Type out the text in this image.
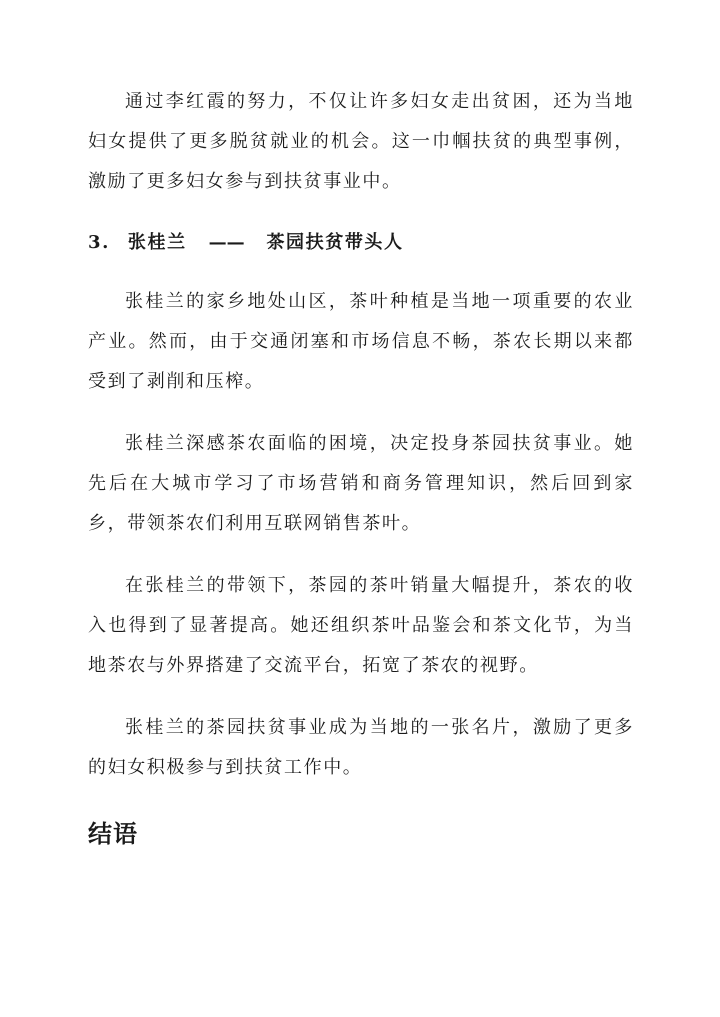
通过李红霞的努力，不仅让许多妇女走出贫困，还为当地妇女提供了更多脱贫就业的机会。这一巾帼扶贫的典型事例，激励了更多妇女参与到扶贫事业中。

3. 张桂兰 —— 茶园扶贫带头人

张桂兰的家乡地处山区，茶叶种植是当地一项重要的农业产业。然而，由于交通闭塞和市场信息不畅，茶农长期以来都受到了剥削和压榨。

张桂兰深感茶农面临的困境，决定投身茶园扶贫事业。她先后在大城市学习了市场营销和商务管理知识，然后回到家乡，带领茶农们利用互联网销售茶叶。

在张桂兰的带领下，茶园的茶叶销量大幅提升，茶农的收入也得到了显著提高。她还组织茶叶品鉴会和茶文化节，为当地茶农与外界搭建了交流平台，拓宽了茶农的视野。

张桂兰的茶园扶贫事业成为当地的一张名片，激励了更多的妇女积极参与到扶贫工作中。

结语
